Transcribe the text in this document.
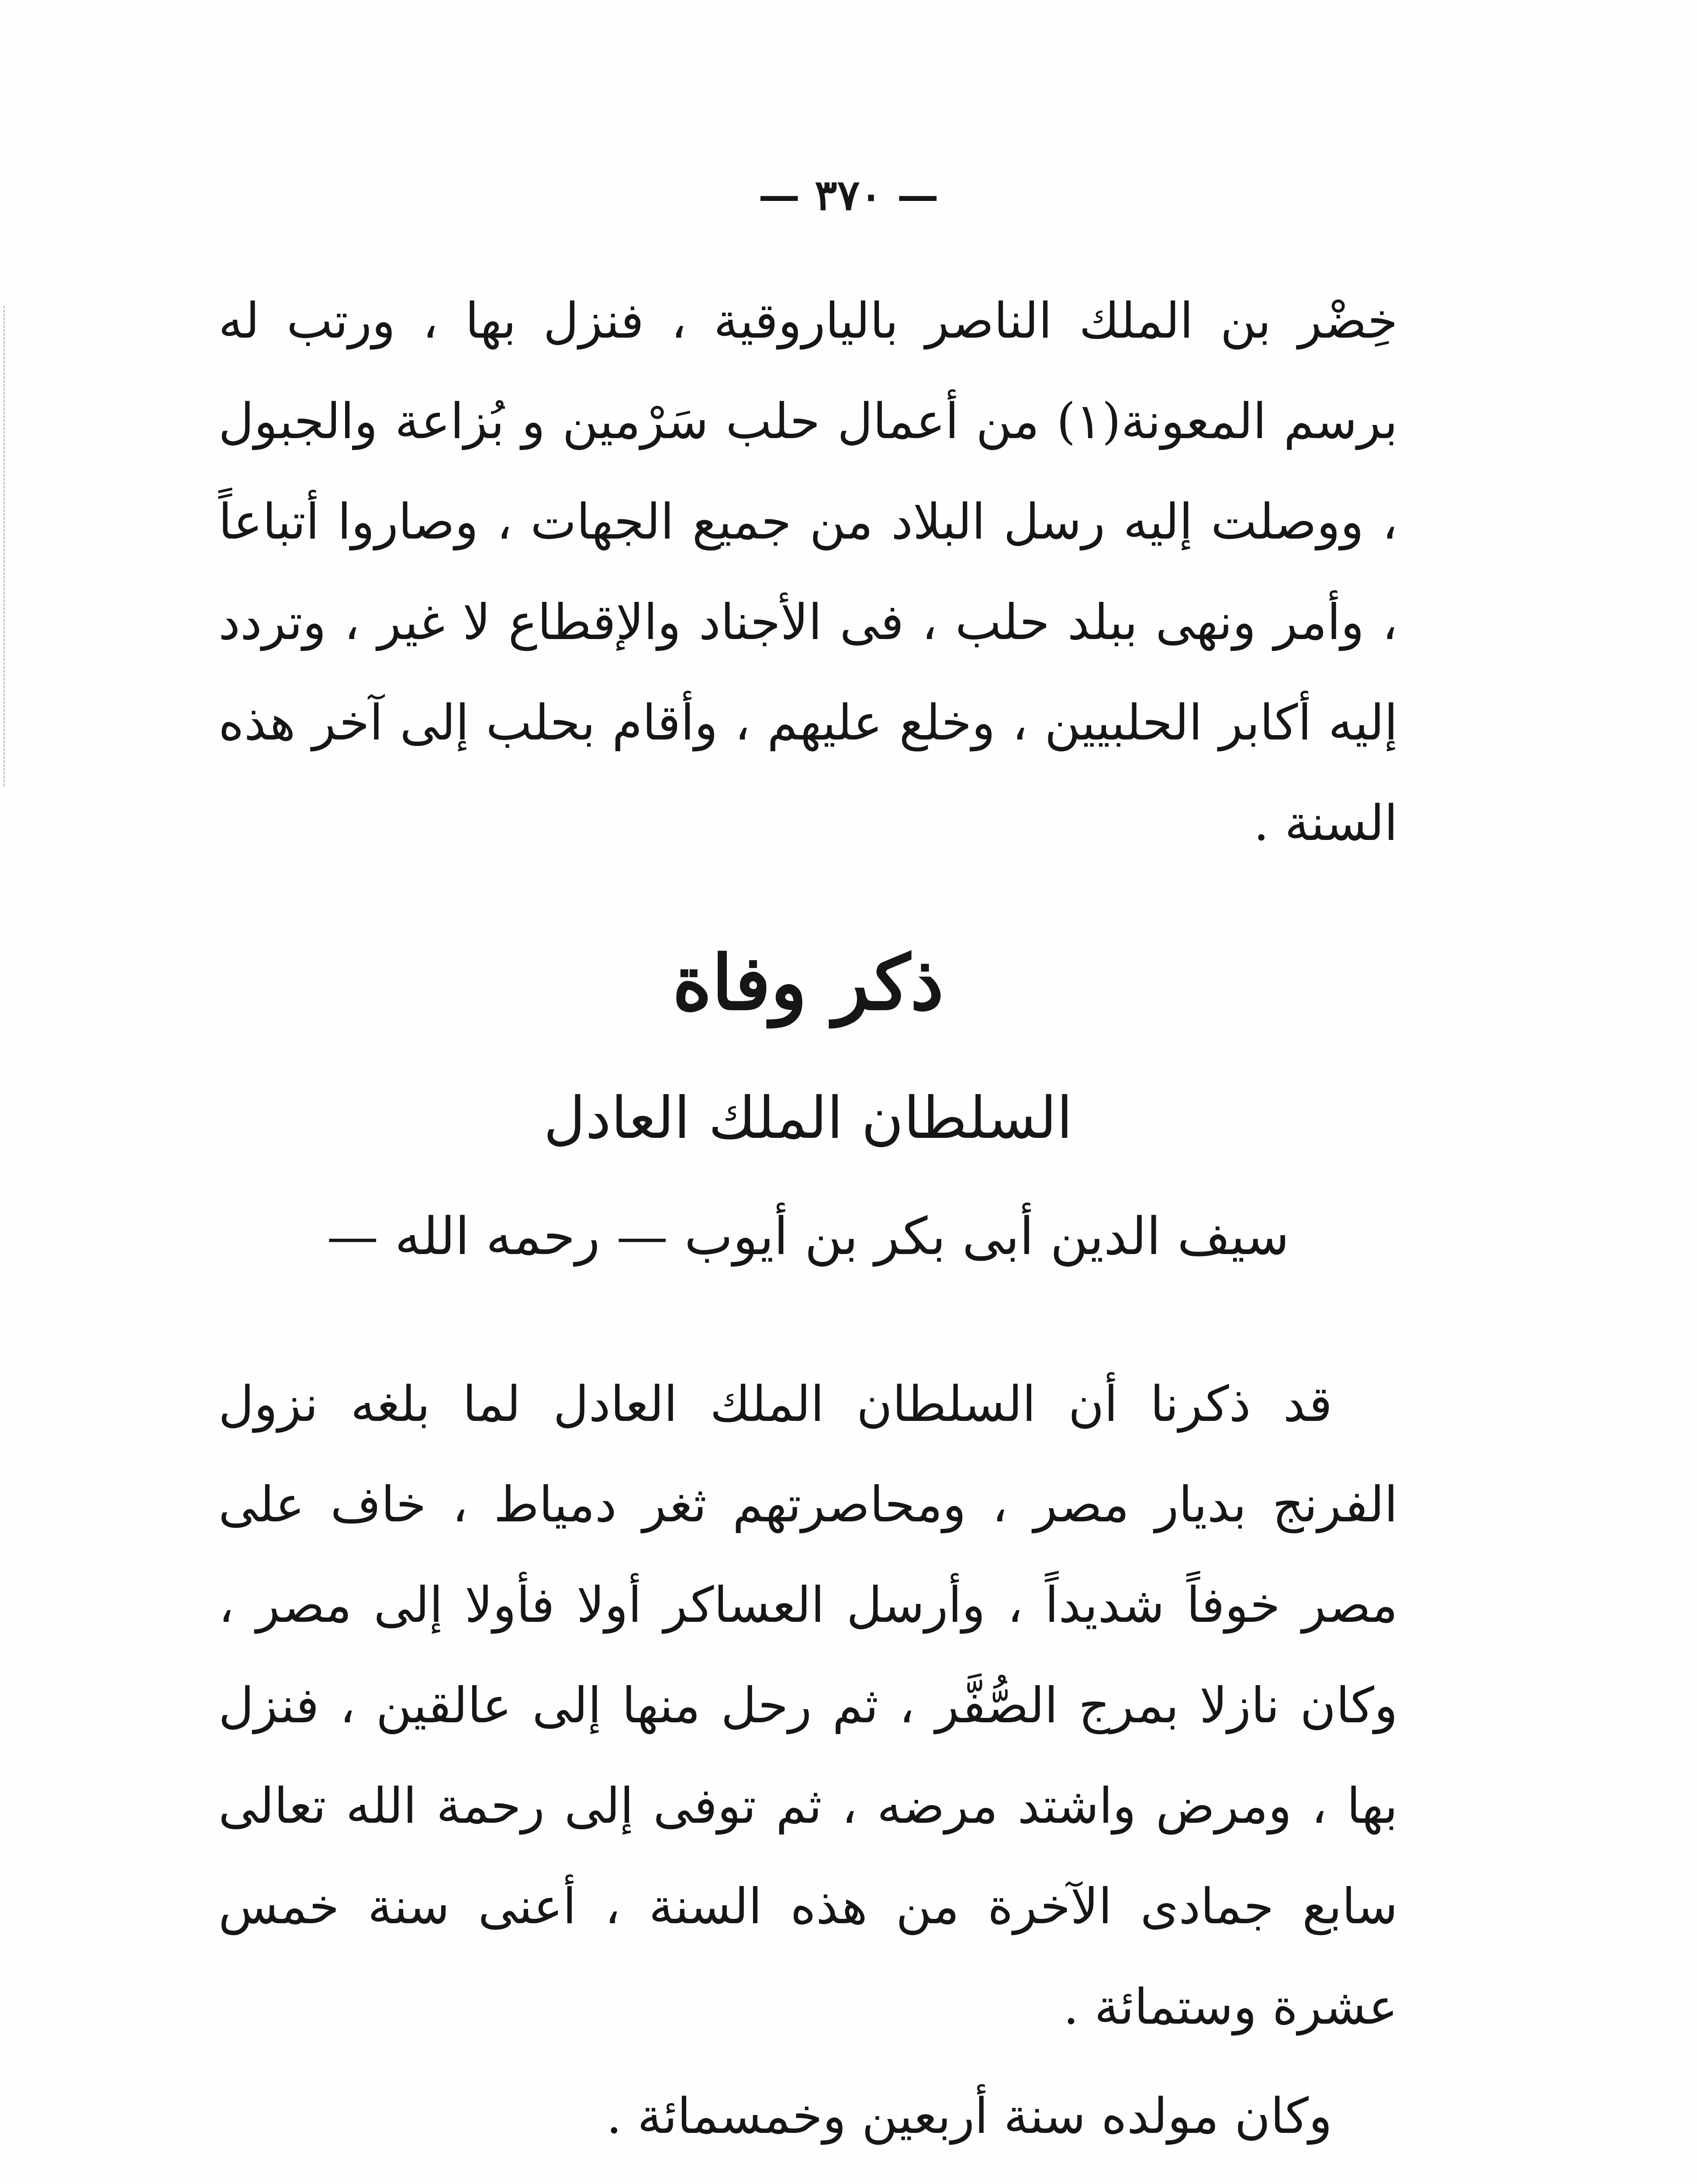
— ٣٧٠ —

خِضْر بن الملك الناصر بالياروقية ، فنزل بها ، ورتب له برسم المعونة(١) من أعمال حلب سَرْمين و بُزاعة والجبول ، ووصلت إليه رسل البلاد من جميع الجهات ، وصاروا أتباعاً ، وأمر ونهى ببلد حلب ، فى الأجناد والإقطاع لا غير ، وتردد إليه أكابر الحلبيين ، وخلع عليهم ، وأقام بحلب إلى آخر هذه السنة .

ذكر وفاة
السلطان الملك العادل
سيف الدين أبى بكر بن أيوب — رحمه الله —

قد ذكرنا أن السلطان الملك العادل لما بلغه نزول الفرنج بديار مصر ، ومحاصرتهم ثغر دمياط ، خاف على مصر خوفاً شديداً ، وأرسل العساكر أولا فأولا إلى مصر ، وكان نازلا بمرج الصُّفَّر ، ثم رحل منها إلى عالقين ، فنزل بها ، ومرض واشتد مرضه ، ثم توفى إلى رحمة الله تعالى سابع جمادى الآخرة من هذه السنة ، أعنى سنة خمس عشرة وستمائة .

وكان مولده سنة أربعين وخمسمائة .
